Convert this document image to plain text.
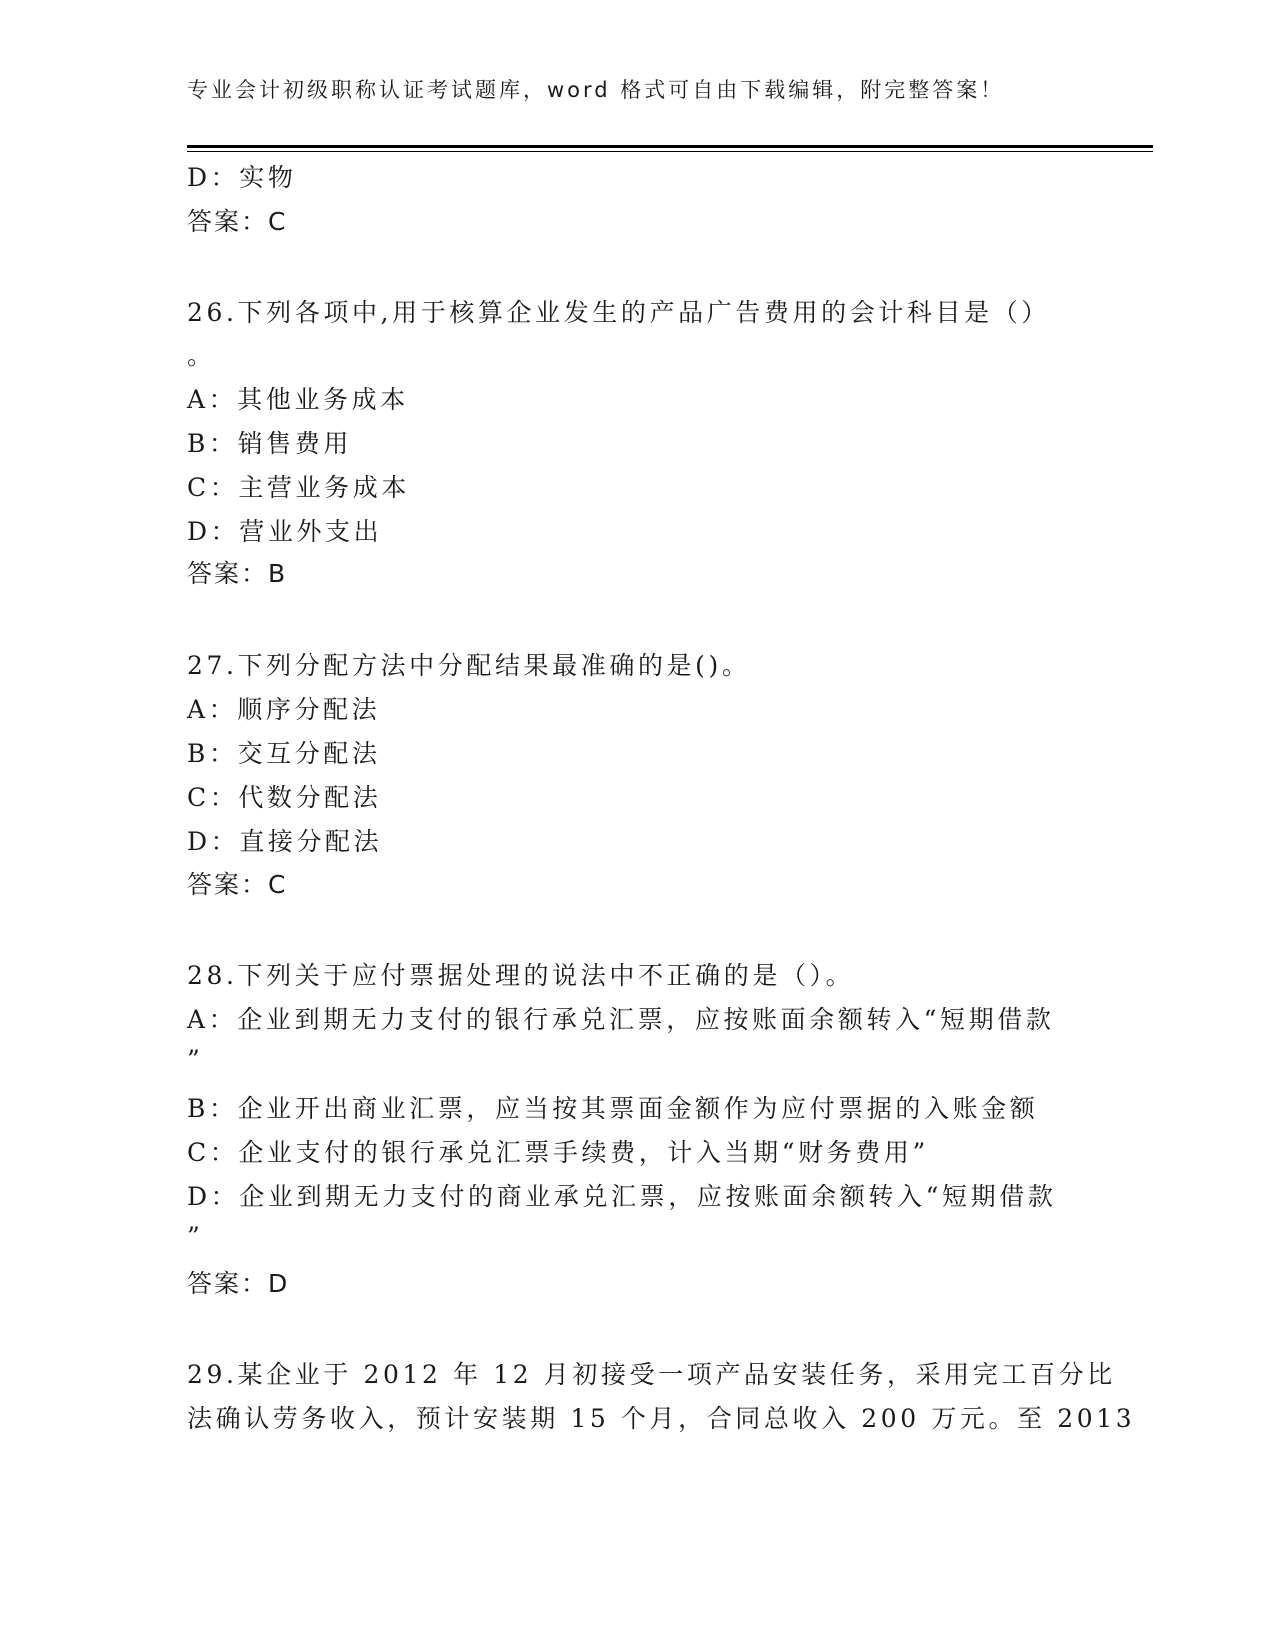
专业会计初级职称认证考试题库，word 格式可自由下载编辑，附完整答案！
D：实物
答案：C
26.下列各项中,用于核算企业发生的产品广告费用的会计科目是（）
。
A：其他业务成本
B：销售费用
C：主营业务成本
D：营业外支出
答案：B
27.下列分配方法中分配结果最准确的是()。
A：顺序分配法
B：交互分配法
C：代数分配法
D：直接分配法
答案：C
28.下列关于应付票据处理的说法中不正确的是（）。
A：企业到期无力支付的银行承兑汇票，应按账面余额转入“短期借款
”
B：企业开出商业汇票，应当按其票面金额作为应付票据的入账金额
C：企业支付的银行承兑汇票手续费，计入当期“财务费用”
D：企业到期无力支付的商业承兑汇票，应按账面余额转入“短期借款
”
答案：D
29.某企业于 2012 年 12 月初接受一项产品安装任务，采用完工百分比
法确认劳务收入，预计安装期 15 个月，合同总收入 200 万元。至 2013
